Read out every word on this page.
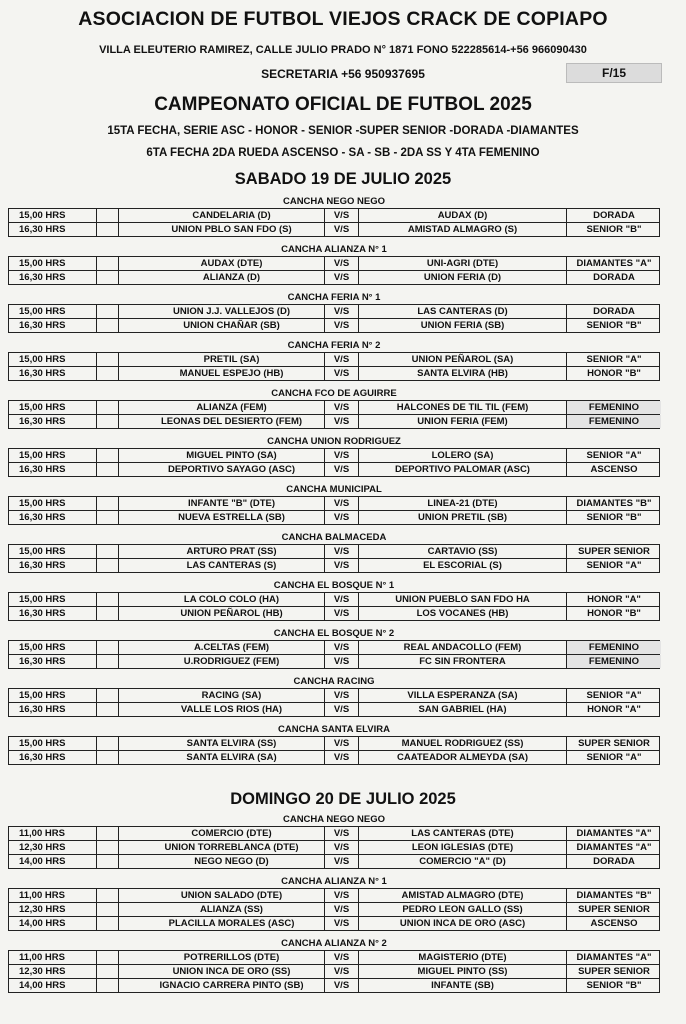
ASOCIACION DE FUTBOL VIEJOS CRACK DE COPIAPO
VILLA ELEUTERIO RAMIREZ, CALLE JULIO PRADO N° 1871 FONO 522285614-+56 966090430
SECRETARIA +56 950937695	F/15
CAMPEONATO OFICIAL DE FUTBOL 2025
15TA FECHA, SERIE ASC - HONOR - SENIOR -SUPER SENIOR -DORADA -DIAMANTES
6TA FECHA 2DA RUEDA ASCENSO - SA - SB - 2DA SS Y 4TA FEMENINO
SABADO 19 DE JULIO 2025
DOMINGO 20 DE JULIO 2025
CANCHA NEGO NEGO
15,00 HRS	CANDELARIA (D)	V/S	AUDAX (D)	DORADA
16,30 HRS	UNION PBLO SAN FDO (S)	V/S	AMISTAD ALMAGRO (S)	SENIOR "B"
CANCHA ALIANZA N° 1
15,00 HRS	AUDAX (DTE)	V/S	UNI-AGRI (DTE)	DIAMANTES "A"
16,30 HRS	ALIANZA (D)	V/S	UNION FERIA (D)	DORADA
CANCHA FERIA N° 1
15,00 HRS	UNION J.J. VALLEJOS (D)	V/S	LAS CANTERAS (D)	DORADA
16,30 HRS	UNION CHAÑAR (SB)	V/S	UNION FERIA (SB)	SENIOR "B"
CANCHA FERIA N° 2
15,00 HRS	PRETIL (SA)	V/S	UNION PEÑAROL (SA)	SENIOR "A"
16,30 HRS	MANUEL ESPEJO (HB)	V/S	SANTA ELVIRA (HB)	HONOR "B"
CANCHA FCO DE AGUIRRE
15,00 HRS	ALIANZA (FEM)	V/S	HALCONES DE TIL TIL (FEM)	FEMENINO
16,30 HRS	LEONAS DEL DESIERTO (FEM)	V/S	UNION FERIA (FEM)	FEMENINO
CANCHA UNION RODRIGUEZ
15,00 HRS	MIGUEL PINTO (SA)	V/S	LOLERO (SA)	SENIOR "A"
16,30 HRS	DEPORTIVO SAYAGO (ASC)	V/S	DEPORTIVO PALOMAR (ASC)	ASCENSO
CANCHA MUNICIPAL
15,00 HRS	INFANTE "B" (DTE)	V/S	LINEA-21 (DTE)	DIAMANTES "B"
16,30 HRS	NUEVA ESTRELLA (SB)	V/S	UNION PRETIL (SB)	SENIOR "B"
CANCHA BALMACEDA
15,00 HRS	ARTURO PRAT (SS)	V/S	CARTAVIO (SS)	SUPER SENIOR
16,30 HRS	LAS CANTERAS (S)	V/S	EL ESCORIAL (S)	SENIOR "A"
CANCHA EL BOSQUE N° 1
15,00 HRS	LA COLO COLO (HA)	V/S	UNION PUEBLO SAN FDO HA	HONOR "A"
16,30 HRS	UNION PEÑAROL (HB)	V/S	LOS VOCANES (HB)	HONOR "B"
CANCHA EL BOSQUE N° 2
15,00 HRS	A.CELTAS (FEM)	V/S	REAL ANDACOLLO (FEM)	FEMENINO
16,30 HRS	U.RODRIGUEZ (FEM)	V/S	FC SIN FRONTERA	FEMENINO
CANCHA RACING
15,00 HRS	RACING (SA)	V/S	VILLA ESPERANZA (SA)	SENIOR "A"
16,30 HRS	VALLE LOS RIOS (HA)	V/S	SAN GABRIEL (HA)	HONOR "A"
CANCHA SANTA ELVIRA
15,00 HRS	SANTA ELVIRA (SS)	V/S	MANUEL RODRIGUEZ (SS)	SUPER SENIOR
16,30 HRS	SANTA ELVIRA (SA)	V/S	CAATEADOR ALMEYDA (SA)	SENIOR "A"
CANCHA NEGO NEGO
11,00 HRS	COMERCIO (DTE)	V/S	LAS CANTERAS (DTE)	DIAMANTES "A"
12,30 HRS	UNION TORREBLANCA (DTE)	V/S	LEON IGLESIAS (DTE)	DIAMANTES "A"
14,00 HRS	NEGO NEGO (D)	V/S	COMERCIO "A" (D)	DORADA
CANCHA ALIANZA N° 1
11,00 HRS	UNION SALADO (DTE)	V/S	AMISTAD ALMAGRO (DTE)	DIAMANTES "B"
12,30 HRS	ALIANZA (SS)	V/S	PEDRO LEON GALLO (SS)	SUPER SENIOR
14,00 HRS	PLACILLA MORALES (ASC)	V/S	UNION INCA DE ORO (ASC)	ASCENSO
CANCHA ALIANZA N° 2
11,00 HRS	POTRERILLOS (DTE)	V/S	MAGISTERIO (DTE)	DIAMANTES "A"
12,30 HRS	UNION INCA DE ORO (SS)	V/S	MIGUEL PINTO (SS)	SUPER SENIOR
14,00 HRS	IGNACIO CARRERA PINTO (SB)	V/S	INFANTE (SB)	SENIOR "B"
